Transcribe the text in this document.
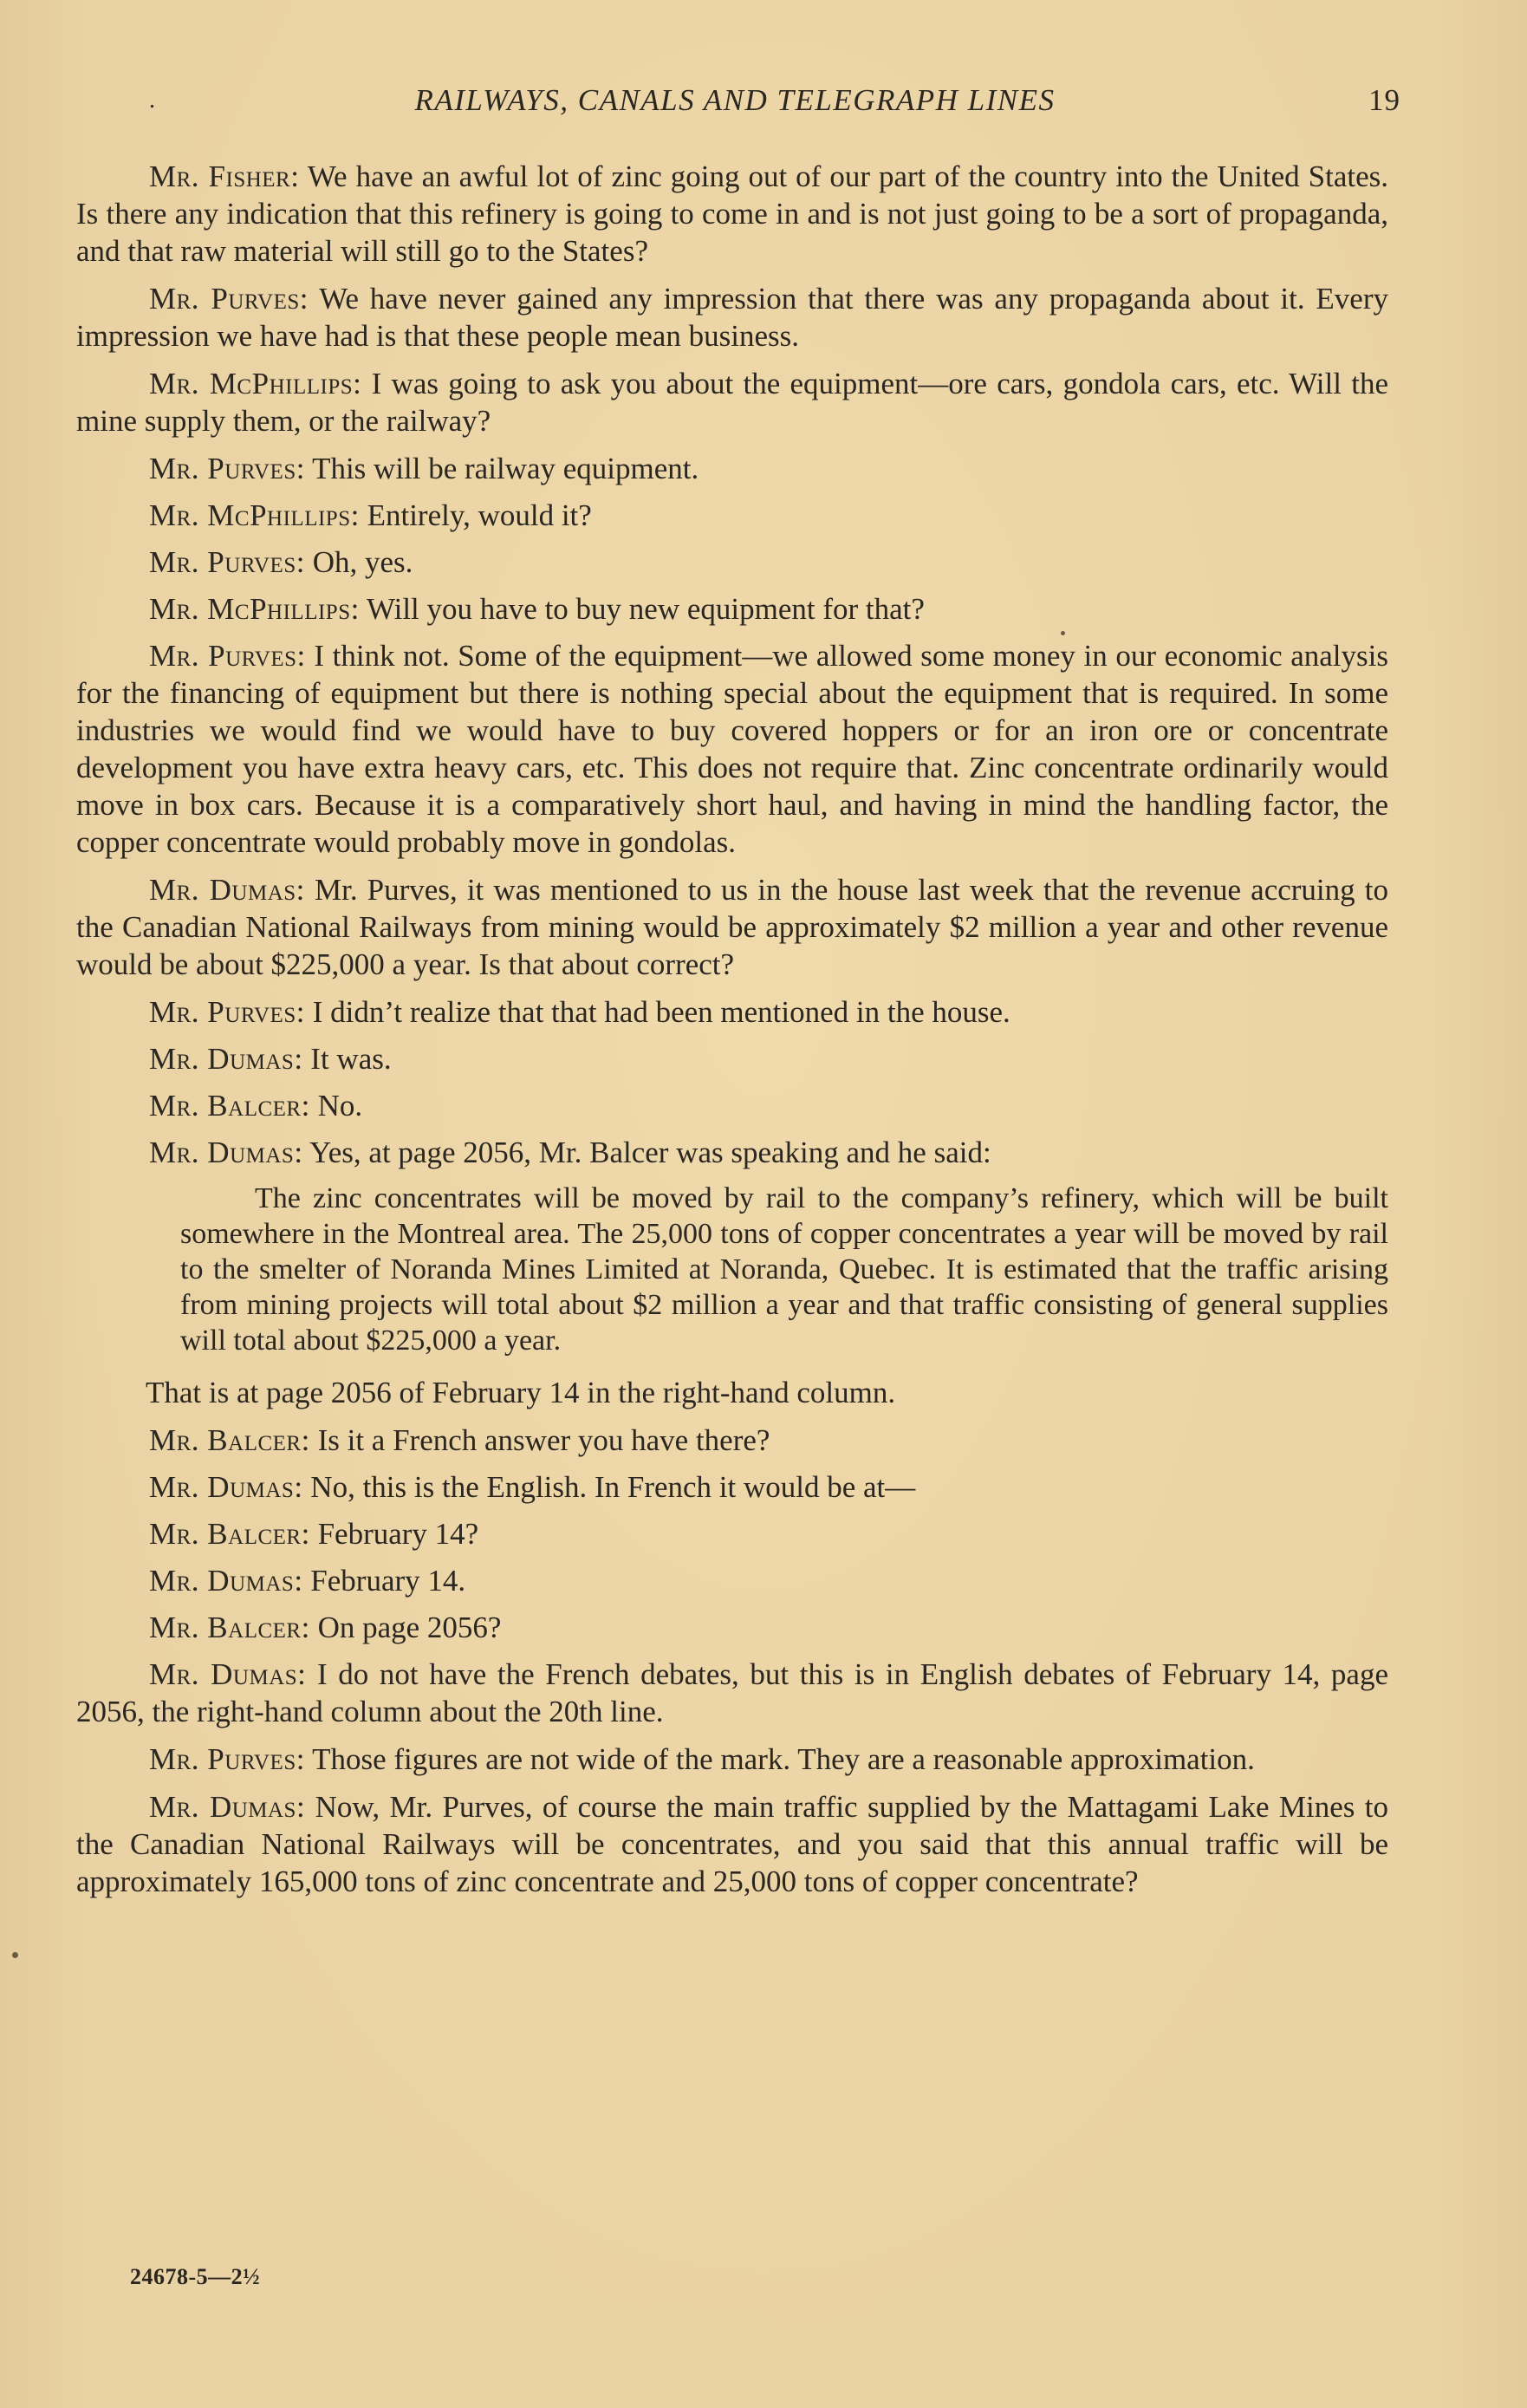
.	RAILWAYS, CANALS AND TELEGRAPH LINES	19

Mr. Fisher: We have an awful lot of zinc going out of our part of the country into the United States. Is there any indication that this refinery is going to come in and is not just going to be a sort of propaganda, and that raw material will still go to the States?

Mr. Purves: We have never gained any impression that there was any propaganda about it. Every impression we have had is that these people mean business.

Mr. McPhillips: I was going to ask you about the equipment—ore cars, gondola cars, etc. Will the mine supply them, or the railway?

Mr. Purves: This will be railway equipment.

Mr. McPhillips: Entirely, would it?

Mr. Purves: Oh, yes.

Mr. McPhillips: Will you have to buy new equipment for that?

Mr. Purves: I think not. Some of the equipment—we allowed some money in our economic analysis for the financing of equipment but there is nothing special about the equipment that is required. In some industries we would find we would have to buy covered hoppers or for an iron ore or concentrate development you have extra heavy cars, etc. This does not require that. Zinc concentrate ordinarily would move in box cars. Because it is a comparatively short haul, and having in mind the handling factor, the copper concentrate would probably move in gondolas.

Mr. Dumas: Mr. Purves, it was mentioned to us in the house last week that the revenue accruing to the Canadian National Railways from mining would be approximately $2 million a year and other revenue would be about $225,000 a year. Is that about correct?

Mr. Purves: I didn’t realize that that had been mentioned in the house.

Mr. Dumas: It was.

Mr. Balcer: No.

Mr. Dumas: Yes, at page 2056, Mr. Balcer was speaking and he said:

The zinc concentrates will be moved by rail to the company’s refinery, which will be built somewhere in the Montreal area. The 25,000 tons of copper concentrates a year will be moved by rail to the smelter of Noranda Mines Limited at Noranda, Quebec. It is estimated that the traffic arising from mining projects will total about $2 million a year and that traffic consisting of general supplies will total about $225,000 a year.

That is at page 2056 of February 14 in the right-hand column.

Mr. Balcer: Is it a French answer you have there?

Mr. Dumas: No, this is the English. In French it would be at—

Mr. Balcer: February 14?

Mr. Dumas: February 14.

Mr. Balcer: On page 2056?

Mr. Dumas: I do not have the French debates, but this is in English debates of February 14, page 2056, the right-hand column about the 20th line.

Mr. Purves: Those figures are not wide of the mark. They are a reasonable approximation.

Mr. Dumas: Now, Mr. Purves, of course the main traffic supplied by the Mattagami Lake Mines to the Canadian National Railways will be concentrates, and you said that this annual traffic will be approximately 165,000 tons of zinc concentrate and 25,000 tons of copper concentrate?

24678-5—2½
